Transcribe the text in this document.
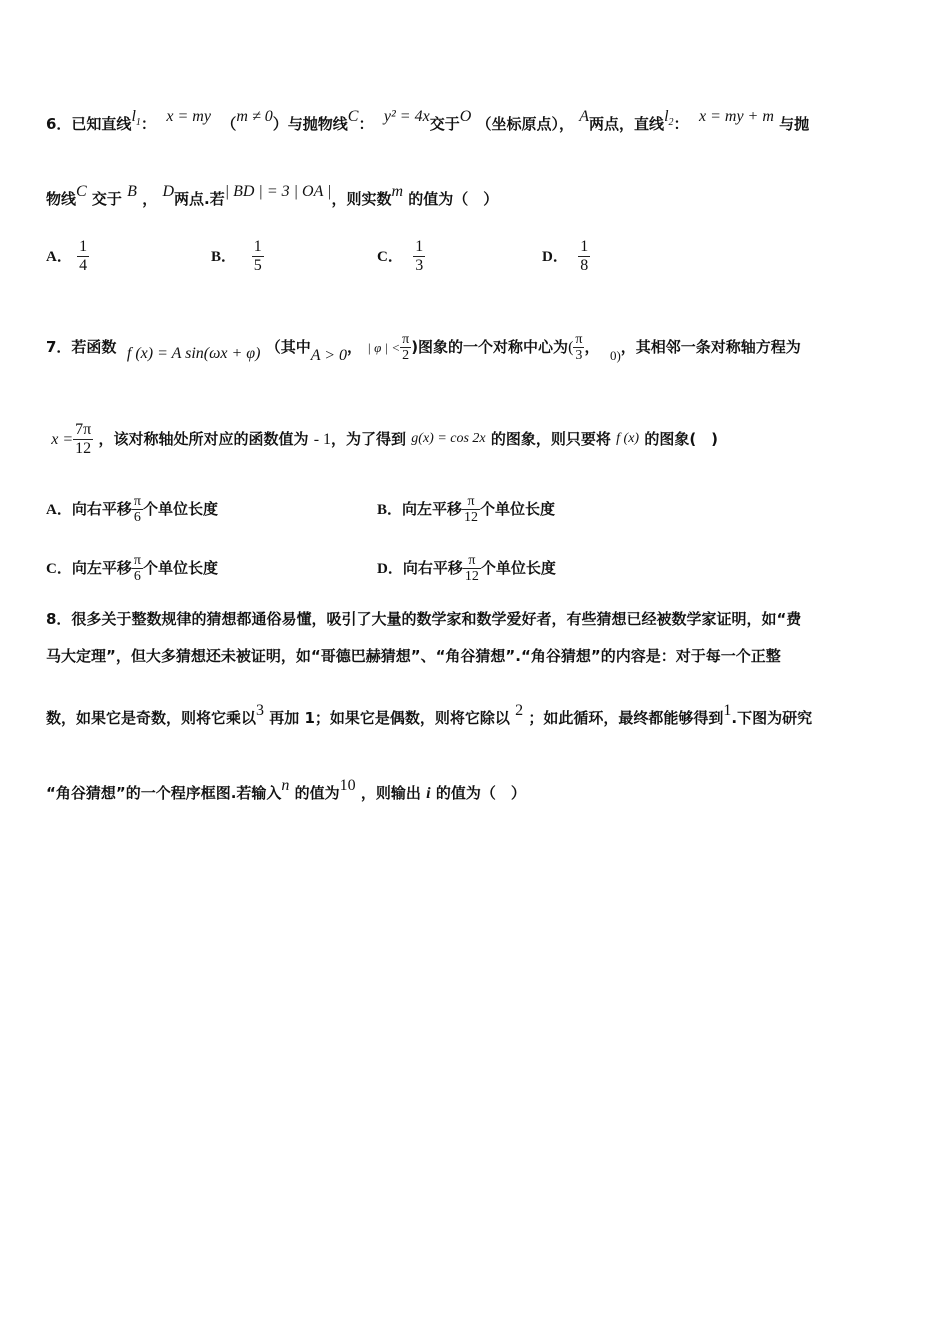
6．已知直线$l_1$： x = my （m ≠ 0）与抛物线C： y² = 4x交于O （坐标原点）， A两点，直线$l_2$： x = my + m 与抛
物线C 交于 B ， D两点.若| BD | = 3 | OA |，则实数m 的值为（　）
A． $\frac{1}{4}$	B． $\frac{1}{5}$	C． $\frac{1}{3}$	D． $\frac{1}{8}$
7．若函数 f (x) = A sin(ωx + φ) （其中A > 0， | φ | < $\frac{\pi}{2}$ )图象的一个对称中心为( $\frac{\pi}{3}$ ， 0)，其相邻一条对称轴方程为
$x = \frac{7\pi}{12}$ ，该对称轴处所对应的函数值为 - 1，为了得到 g(x) = cos 2x 的图象，则只要将 f (x) 的图象(　)
A．向右平移 $\frac{\pi}{6}$ 个单位长度	B．向左平移 $\frac{\pi}{12}$ 个单位长度
C．向左平移 $\frac{\pi}{6}$ 个单位长度	D．向右平移 $\frac{\pi}{12}$ 个单位长度
8．很多关于整数规律的猜想都通俗易懂，吸引了大量的数学家和数学爱好者，有些猜想已经被数学家证明，如“费
马大定理”，但大多猜想还未被证明，如“哥德巴赫猜想”、“角谷猜想”.“角谷猜想”的内容是：对于每一个正整
数，如果它是奇数，则将它乘以3 再加 1；如果它是偶数，则将它除以 2 ；如此循环，最终都能够得到1.下图为研究
“角谷猜想”的一个程序框图.若输入n 的值为10 ，则输出 i 的值为（　）
